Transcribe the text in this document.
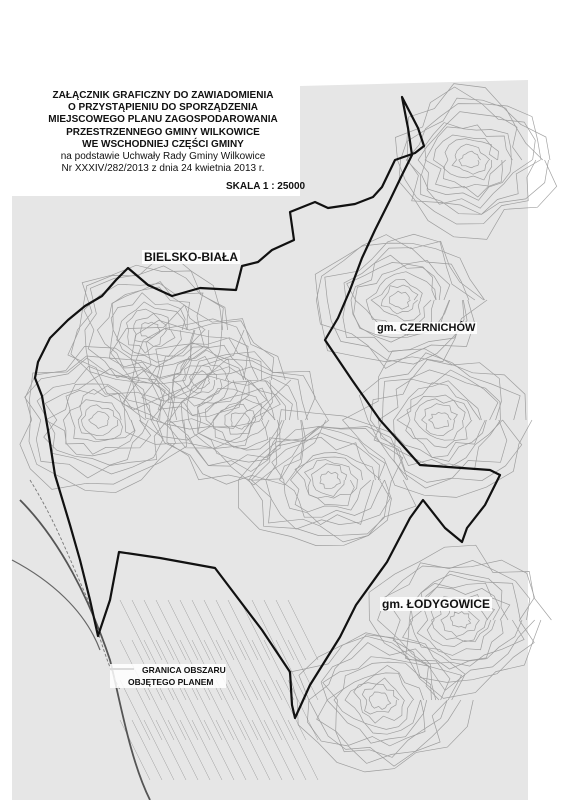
ZAŁĄCZNIK GRAFICZNY DO ZAWIADOMIENIA
O PRZYSTĄPIENIU DO SPORZĄDZENIA
MIEJSCOWEGO PLANU ZAGOSPODAROWANIA
PRZESTRZENNEGO GMINY WILKOWICE
WE WSCHODNIEJ CZĘŚCI GMINY
na podstawie Uchwały Rady Gminy Wilkowice
Nr XXXIV/282/2013 z dnia 24 kwietnia 2013 r.
SKALA 1 : 25000
BIELSKO-BIAŁA
gm. CZERNICHÓW
gm. ŁODYGOWICE
GRANICA OBSZARU
OBJĘTEGO PLANEM
